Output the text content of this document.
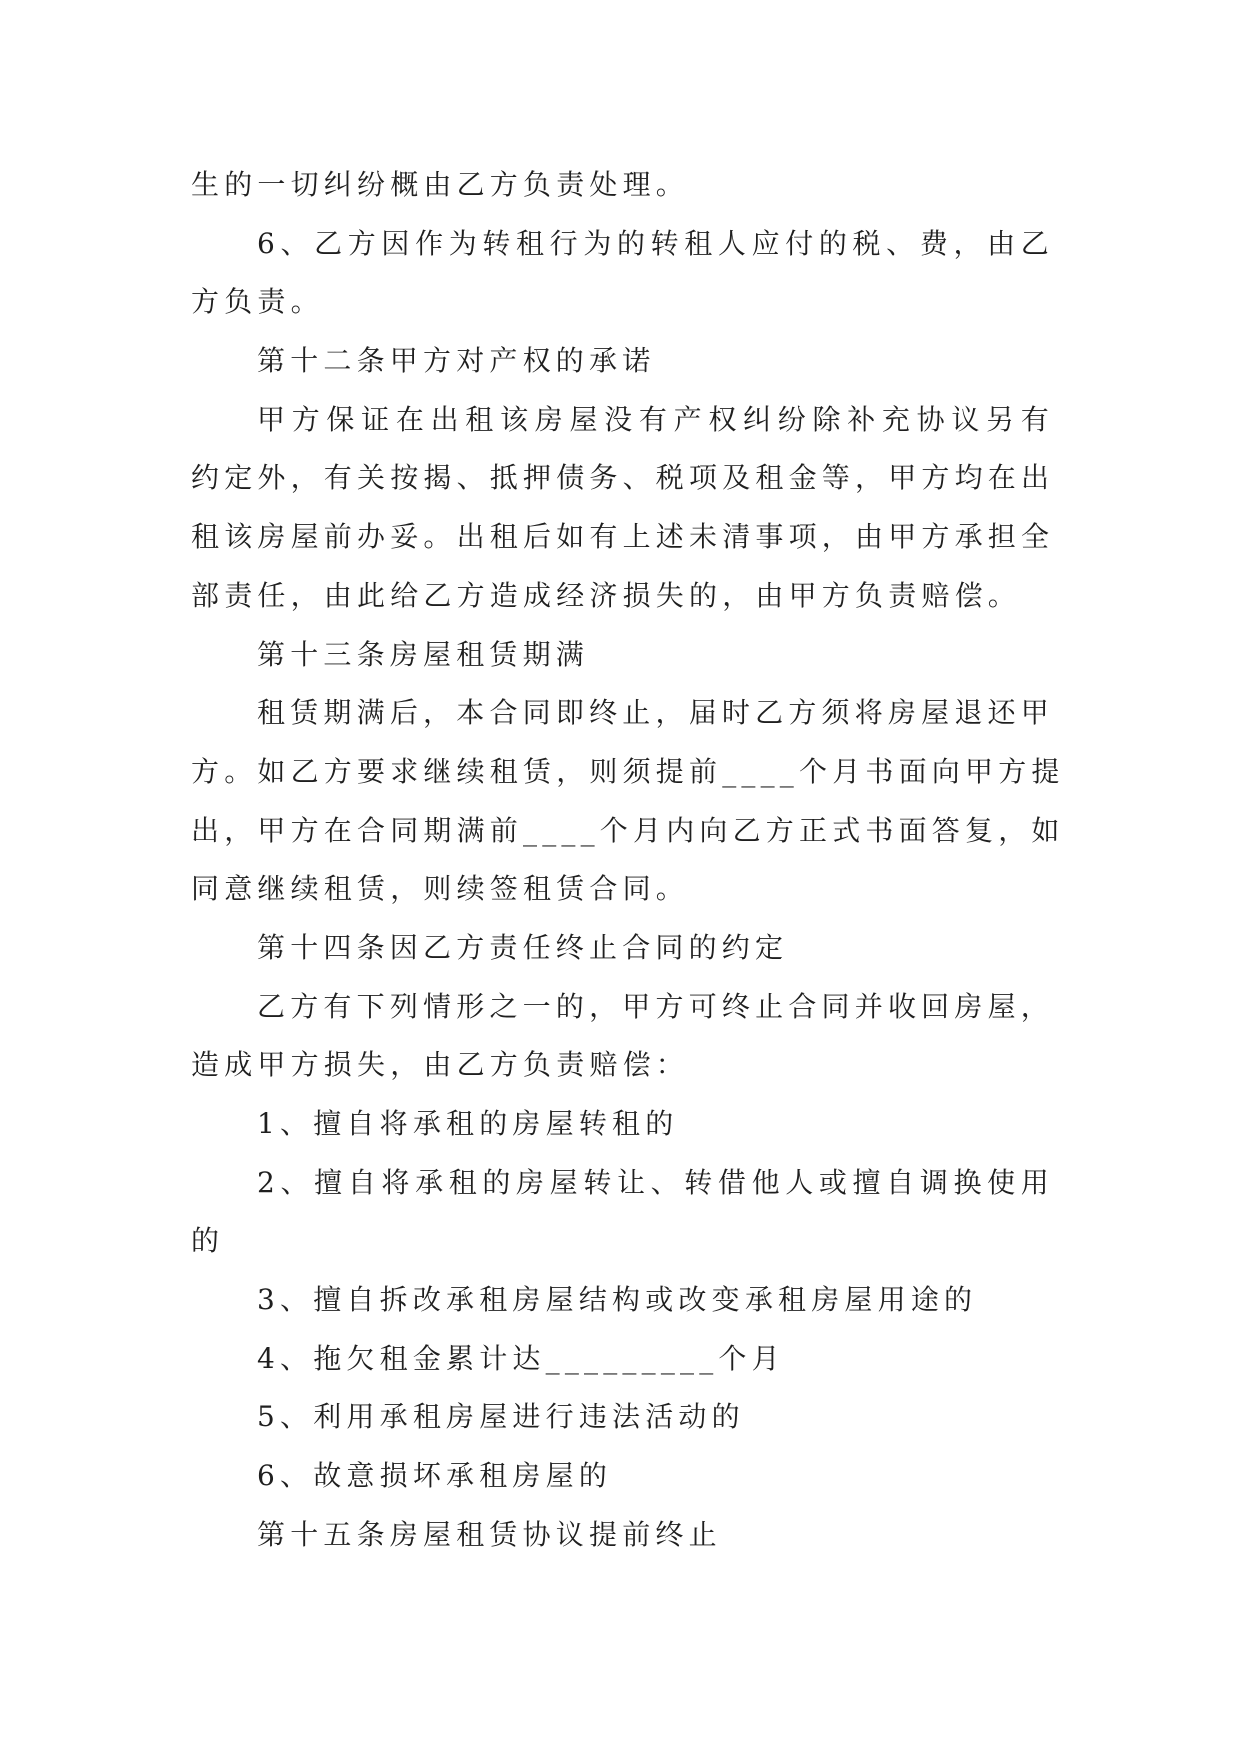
生的一切纠纷概由乙方负责处理。
6、乙方因作为转租行为的转租人应付的税、费，由乙
方负责。
第十二条甲方对产权的承诺
甲方保证在出租该房屋没有产权纠纷除补充协议另有
约定外，有关按揭、抵押债务、税项及租金等，甲方均在出
租该房屋前办妥。出租后如有上述未清事项，由甲方承担全
部责任，由此给乙方造成经济损失的，由甲方负责赔偿。
第十三条房屋租赁期满
租赁期满后，本合同即终止，届时乙方须将房屋退还甲
方。如乙方要求继续租赁，则须提前____个月书面向甲方提
出，甲方在合同期满前____个月内向乙方正式书面答复，如
同意继续租赁，则续签租赁合同。
第十四条因乙方责任终止合同的约定
乙方有下列情形之一的，甲方可终止合同并收回房屋，
造成甲方损失，由乙方负责赔偿：
1、擅自将承租的房屋转租的
2、擅自将承租的房屋转让、转借他人或擅自调换使用
的
3、擅自拆改承租房屋结构或改变承租房屋用途的
4、拖欠租金累计达_________个月
5、利用承租房屋进行违法活动的
6、故意损坏承租房屋的
第十五条房屋租赁协议提前终止
